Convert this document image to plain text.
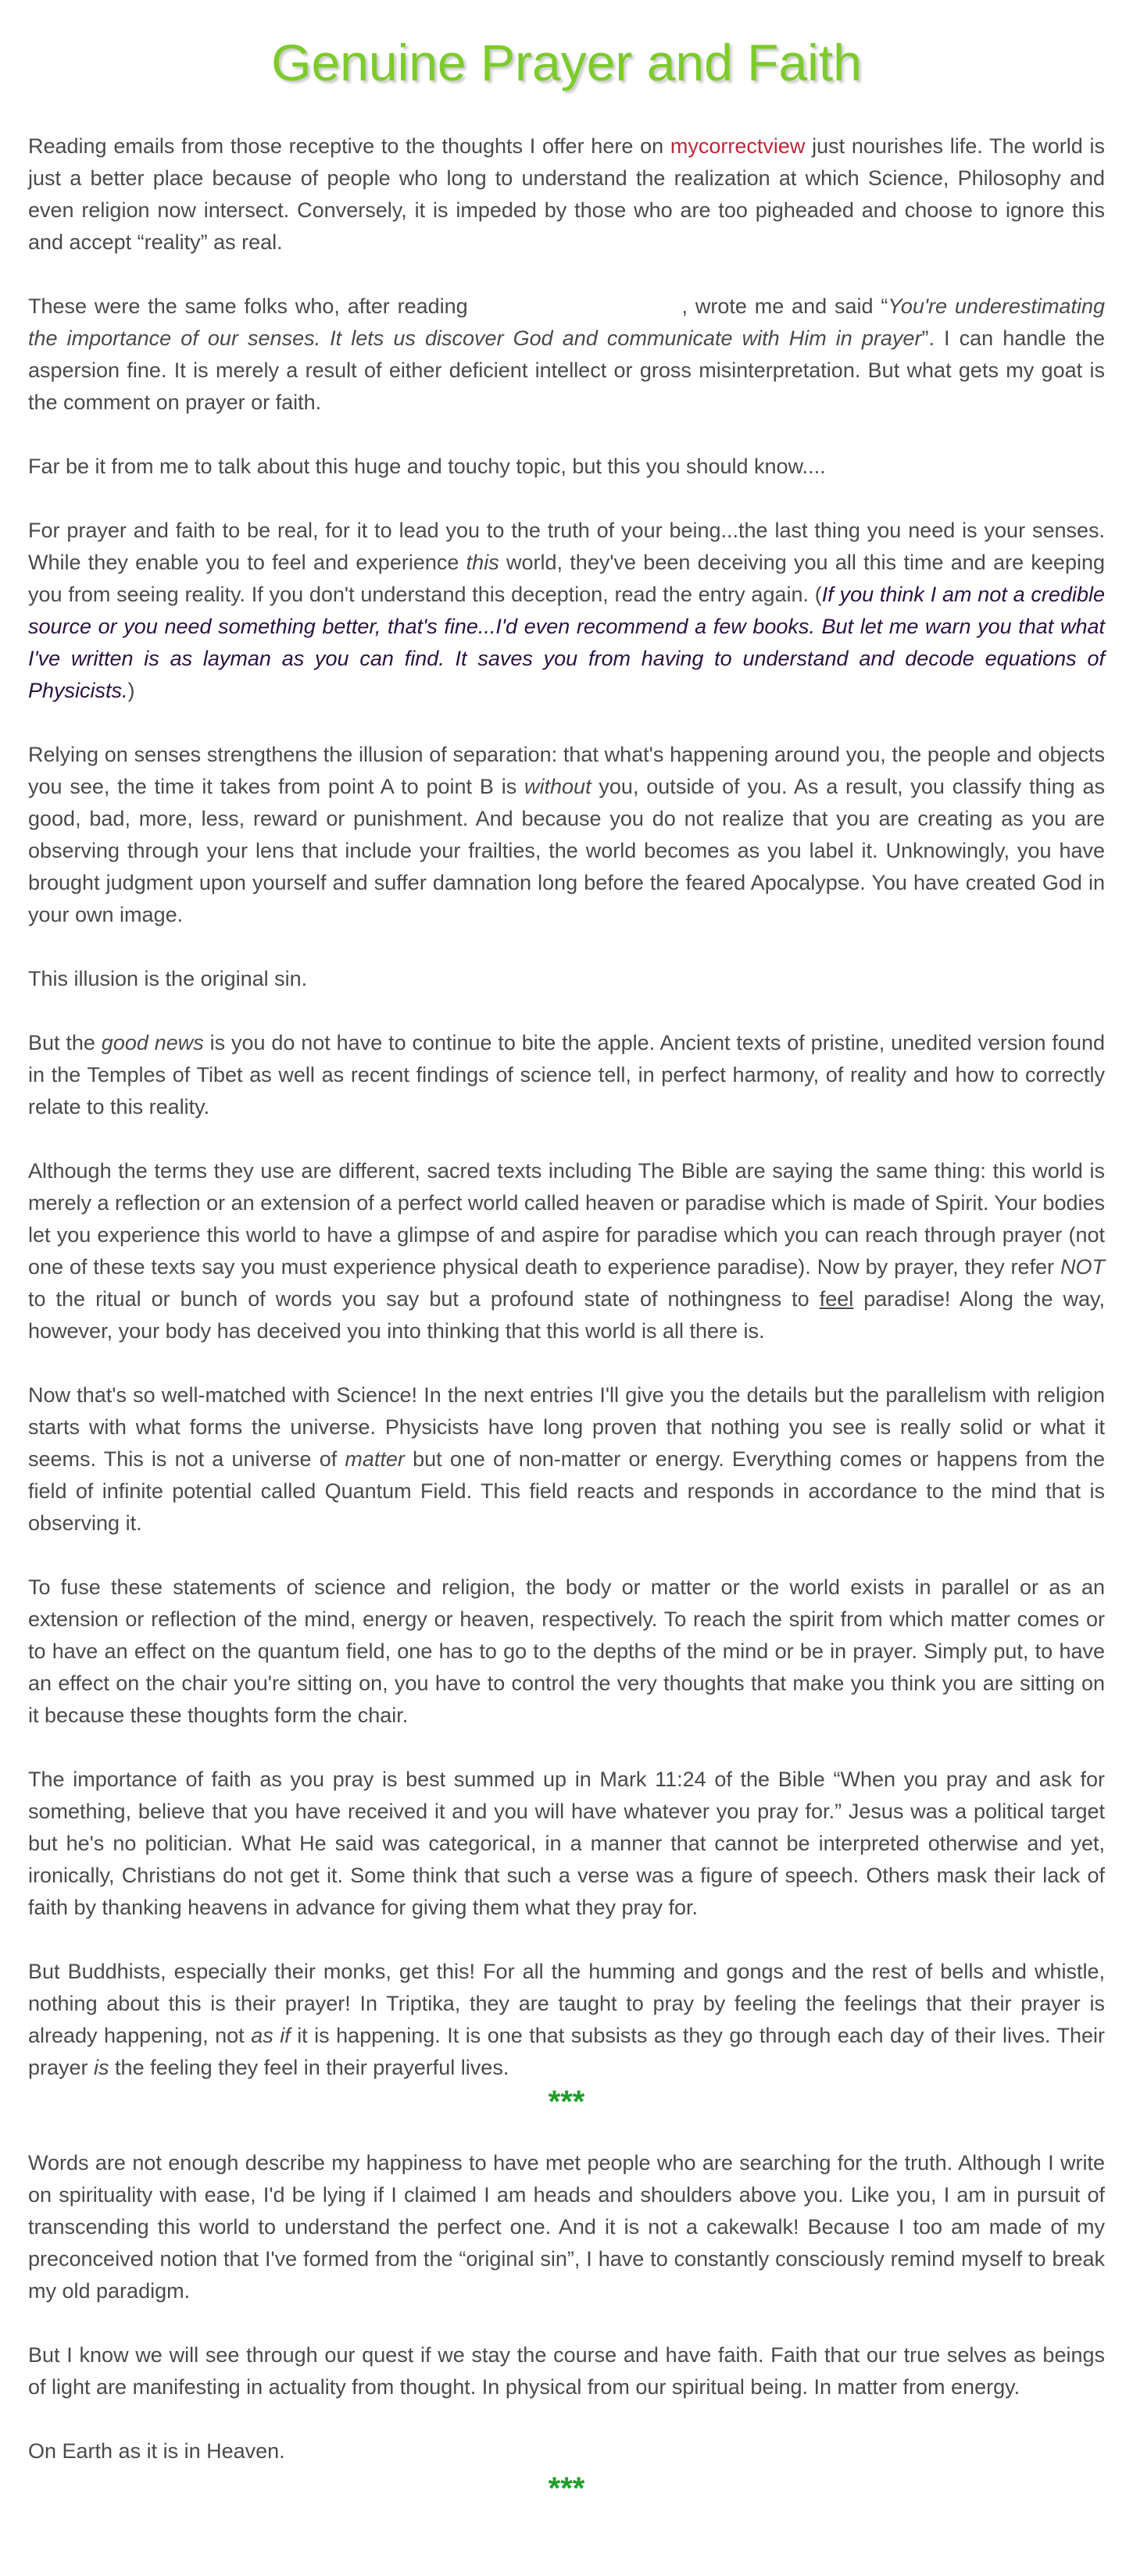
Genuine Prayer and Faith

Reading emails from those receptive to the thoughts I offer here on mycorrectview just nourishes life. The world is just a better place because of people who long to understand the realization at which Science, Philosophy and even religion now intersect. Conversely, it is impeded by those who are too pigheaded and choose to ignore this and accept “reality” as real.

These were the same folks who, after reading	, wrote me and said “You're underestimating the importance of our senses. It lets us discover God and communicate with Him in prayer”. I can handle the aspersion fine. It is merely a result of either deficient intellect or gross misinterpretation. But what gets my goat is the comment on prayer or faith.

Far be it from me to talk about this huge and touchy topic, but this you should know....

For prayer and faith to be real, for it to lead you to the truth of your being...the last thing you need is your senses. While they enable you to feel and experience this world, they've been deceiving you all this time and are keeping you from seeing reality. If you don't understand this deception, read the entry again. (If you think I am not a credible source or you need something better, that's fine...I'd even recommend a few books. But let me warn you that what I've written is as layman as you can find. It saves you from having to understand and decode equations of Physicists.)

Relying on senses strengthens the illusion of separation: that what's happening around you, the people and objects you see, the time it takes from point A to point B is without you, outside of you. As a result, you classify thing as good, bad, more, less, reward or punishment. And because you do not realize that you are creating as you are observing through your lens that include your frailties, the world becomes as you label it. Unknowingly, you have brought judgment upon yourself and suffer damnation long before the feared Apocalypse. You have created God in your own image.

This illusion is the original sin.

But the good news is you do not have to continue to bite the apple. Ancient texts of pristine, unedited version found in the Temples of Tibet as well as recent findings of science tell, in perfect harmony, of reality and how to correctly relate to this reality.

Although the terms they use are different, sacred texts including The Bible are saying the same thing: this world is merely a reflection or an extension of a perfect world called heaven or paradise which is made of Spirit. Your bodies let you experience this world to have a glimpse of and aspire for paradise which you can reach through prayer (not one of these texts say you must experience physical death to experience paradise). Now by prayer, they refer NOT to the ritual or bunch of words you say but a profound state of nothingness to feel paradise! Along the way, however, your body has deceived you into thinking that this world is all there is.

Now that's so well-matched with Science! In the next entries I'll give you the details but the parallelism with religion starts with what forms the universe. Physicists have long proven that nothing you see is really solid or what it seems. This is not a universe of matter but one of non-matter or energy. Everything comes or happens from the field of infinite potential called Quantum Field. This field reacts and responds in accordance to the mind that is observing it.

To fuse these statements of science and religion, the body or matter or the world exists in parallel or as an extension or reflection of the mind, energy or heaven, respectively. To reach the spirit from which matter comes or to have an effect on the quantum field, one has to go to the depths of the mind or be in prayer. Simply put, to have an effect on the chair you're sitting on, you have to control the very thoughts that make you think you are sitting on it because these thoughts form the chair.

The importance of faith as you pray is best summed up in Mark 11:24 of the Bible “When you pray and ask for something, believe that you have received it and you will have whatever you pray for.” Jesus was a political target but he's no politician. What He said was categorical, in a manner that cannot be interpreted otherwise and yet, ironically, Christians do not get it. Some think that such a verse was a figure of speech. Others mask their lack of faith by thanking heavens in advance for giving them what they pray for.

But Buddhists, especially their monks, get this! For all the humming and gongs and the rest of bells and whistle, nothing about this is their prayer! In Triptika, they are taught to pray by feeling the feelings that their prayer is already happening, not as if it is happening. It is one that subsists as they go through each day of their lives. Their prayer is the feeling they feel in their prayerful lives.

***

Words are not enough describe my happiness to have met people who are searching for the truth. Although I write on spirituality with ease, I'd be lying if I claimed I am heads and shoulders above you. Like you, I am in pursuit of transcending this world to understand the perfect one. And it is not a cakewalk! Because I too am made of my preconceived notion that I've formed from the “original sin”, I have to constantly consciously remind myself to break my old paradigm.

But I know we will see through our quest if we stay the course and have faith. Faith that our true selves as beings of light are manifesting in actuality from thought. In physical from our spiritual being. In matter from energy.

On Earth as it is in Heaven.

***
